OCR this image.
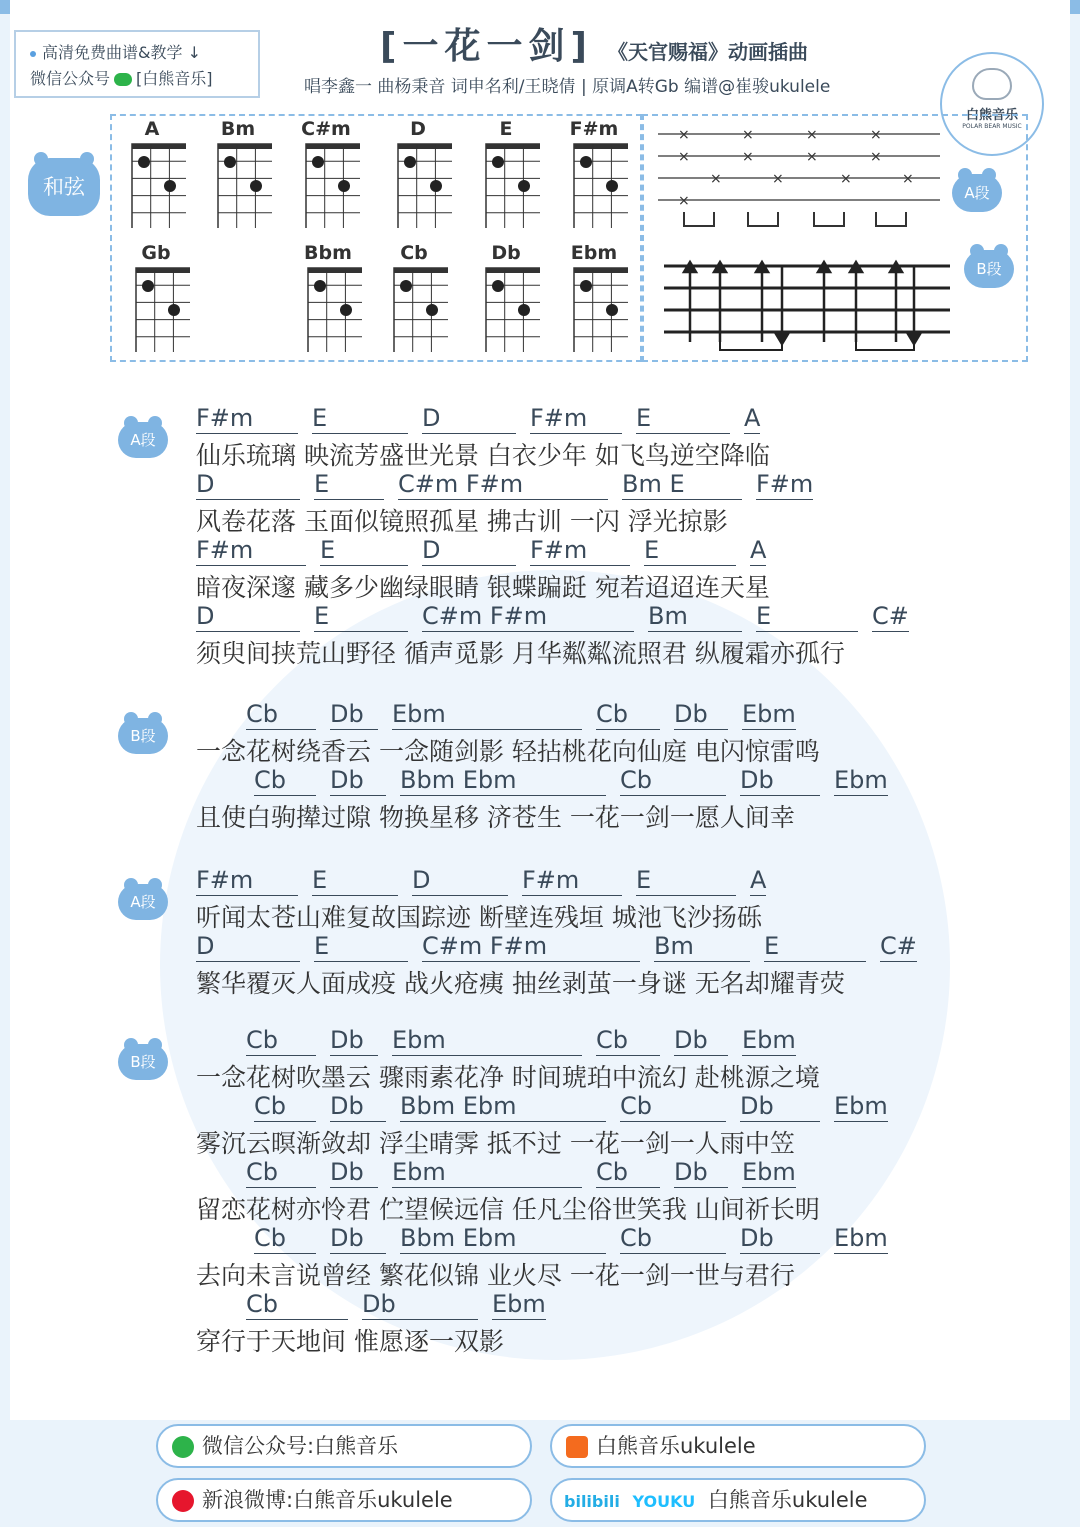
高清免费曲谱&教学 ↓
微信公众号 [白熊音乐]
[一花一剑] 《天官赐福》动画插曲
唱李鑫一 曲杨秉音 词申名利/王晓倩 | 原调A转Gb 编谱@崔骏ukulele
白熊音乐
POLAR BEAR MUSIC
和弦
A	Bm	C#m	D	E	F#m
Gb	Bbm	Cb	Db	Ebm
×	×	×	×
×	×	×	×
×	×	×	×
×	A段
B段
A段
F#m	E	D	F#m	E	A
仙乐琉璃 映流芳盛世光景 白衣少年 如飞鸟逆空降临
D	E	C#m F#m	Bm E	F#m
风卷花落 玉面似镜照孤星 拂古训 一闪 浮光掠影
F#m	E	D	F#m	E	A
暗夜深邃 藏多少幽绿眼睛 银蝶蹁跹 宛若迢迢连天星
D	E	C#m F#m	Bm	E	C#
须臾间挟荒山野径 循声觅影 月华粼粼流照君 纵履霜亦孤行
B段
Cb	Db	Ebm	Cb	Db	Ebm
一念花树绕香云 一念随剑影 轻拈桃花向仙庭 电闪惊雷鸣
Cb	Db	Bbm Ebm	Cb	Db	Ebm
且使白驹撵过隙 物换星移 济苍生 一花一剑一愿人间幸
A段
F#m	E	D	F#m	E	A
听闻太苍山难复故国踪迹 断壁连残垣 城池飞沙扬砾
D	E	C#m F#m	Bm	E	C#
繁华覆灭人面成疫 战火疮痍 抽丝剥茧一身谜 无名却耀青荧
B段
Cb	Db	Ebm	Cb	Db	Ebm
一念花树吹墨云 骤雨素花净 时间琥珀中流幻 赴桃源之境
Cb	Db	Bbm Ebm	Cb	Db	Ebm
雾沉云暝渐敛却 浮尘晴霁 抵不过 一花一剑一人雨中笠
Cb	Db	Ebm	Cb	Db	Ebm
留恋花树亦怜君 伫望候远信 任凡尘俗世笑我 山间祈长明
Cb	Db	Bbm Ebm	Cb	Db	Ebm
去向未言说曾经 繁花似锦 业火尽 一花一剑一世与君行
Cb	Db	Ebm
穿行于天地间 惟愿逐一双影
微信公众号:白熊音乐	白熊音乐ukulele
新浪微博:白熊音乐ukulele	bilibili YOUKU 白熊音乐ukulele
